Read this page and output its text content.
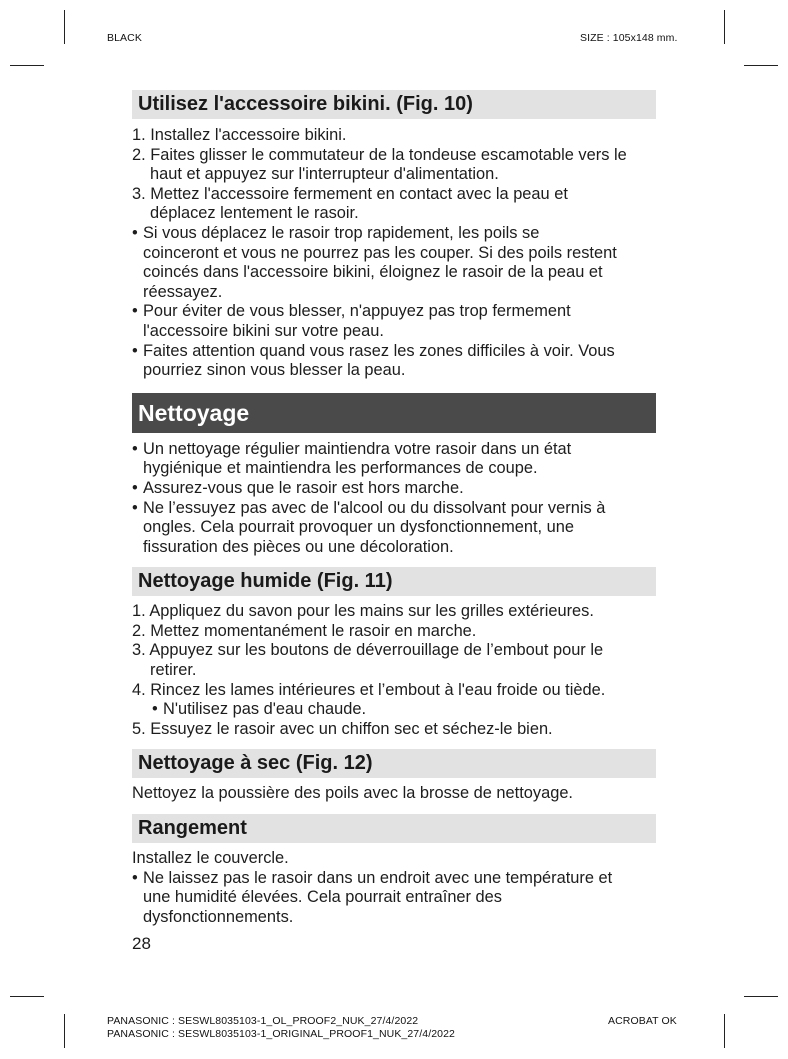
BLACK	SIZE : 105x148 mm.
Utilisez l'accessoire bikini. (Fig. 10)
1. Installez l'accessoire bikini.
2. Faites glisser le commutateur de la tondeuse escamotable vers le
haut et appuyez sur l'interrupteur d'alimentation.
3. Mettez l'accessoire fermement en contact avec la peau et
déplacez lentement le rasoir.
• Si vous déplacez le rasoir trop rapidement, les poils se
coinceront et vous ne pourrez pas les couper. Si des poils restent
coincés dans l'accessoire bikini, éloignez le rasoir de la peau et
réessayez.
• Pour éviter de vous blesser, n'appuyez pas trop fermement
l'accessoire bikini sur votre peau.
• Faites attention quand vous rasez les zones difficiles à voir. Vous
pourriez sinon vous blesser la peau.
Nettoyage
• Un nettoyage régulier maintiendra votre rasoir dans un état
hygiénique et maintiendra les performances de coupe.
• Assurez-vous que le rasoir est hors marche.
• Ne l’essuyez pas avec de l'alcool ou du dissolvant pour vernis à
ongles. Cela pourrait provoquer un dysfonctionnement, une
fissuration des pièces ou une décoloration.
Nettoyage humide (Fig. 11)
1. Appliquez du savon pour les mains sur les grilles extérieures.
2. Mettez momentanément le rasoir en marche.
3. Appuyez sur les boutons de déverrouillage de l’embout pour le
retirer.
4. Rincez les lames intérieures et l’embout à l'eau froide ou tiède.
• N'utilisez pas d'eau chaude.
5. Essuyez le rasoir avec un chiffon sec et séchez-le bien.
Nettoyage à sec (Fig. 12)
Nettoyez la poussière des poils avec la brosse de nettoyage.
Rangement
Installez le couvercle.
• Ne laissez pas le rasoir dans un endroit avec une température et
une humidité élevées. Cela pourrait entraîner des
dysfonctionnements.
28
PANASONIC : SESWL8035103-1_OL_PROOF2_NUK_27/4/2022
PANASONIC : SESWL8035103-1_ORIGINAL_PROOF1_NUK_27/4/2022
ACROBAT OK
